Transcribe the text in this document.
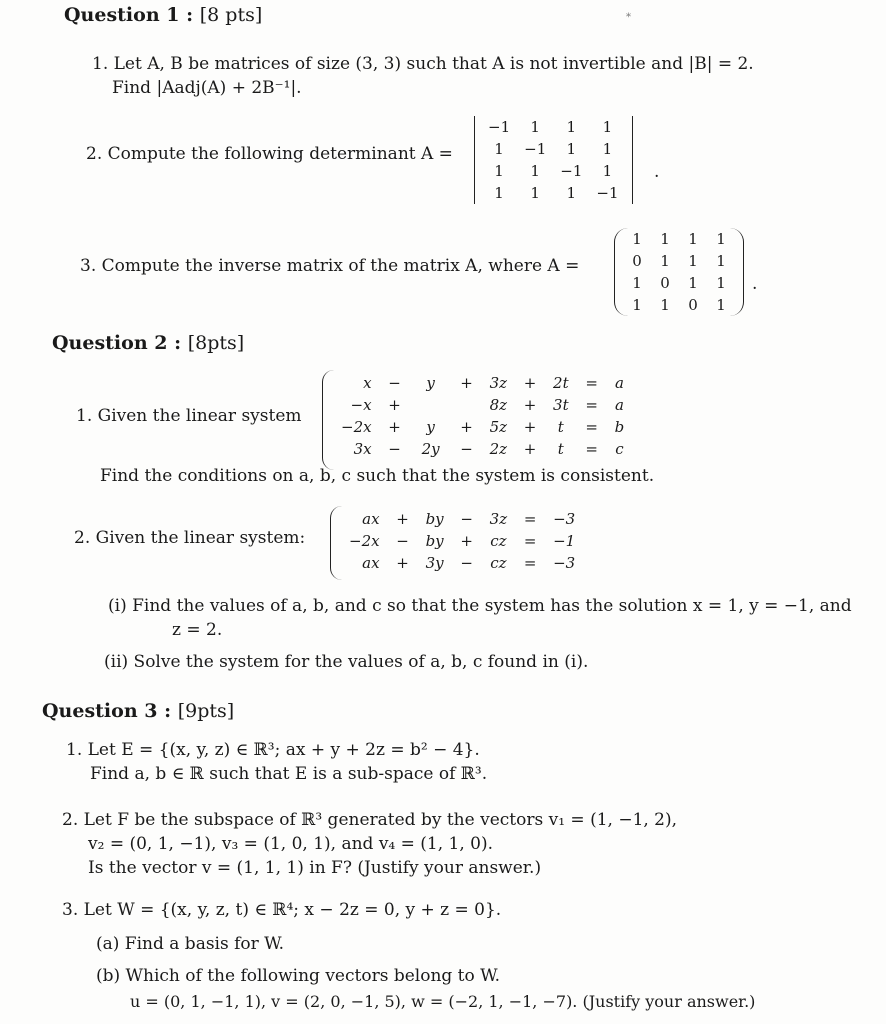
Question 1 : [8 pts]	*
1. Let A, B be matrices of size (3, 3) such that A is not invertible and |B| = 2.
Find |Aadj(A) + 2B⁻¹|.
2. Compute the following determinant A =
−1	1	1	1
1	−1	1	1
1	1	−1	1
1	1	1	−1
.
3. Compute the inverse matrix of the matrix A, where A =
1	1	1	1
0	1	1	1
1	0	1	1
1	1	0	1
.
Question 2 : [8pts]
1. Given the linear system
x	−	y	+	3z	+	2t	=	a
−x	+			8z	+	3t	=	a
−2x	+	y	+	5z	+	t	=	b
3x	−	2y	−	2z	+	t	=	c
Find the conditions on a, b, c such that the system is consistent.
2. Given the linear system:
ax	+	by	−	3z	=	−3
−2x	−	by	+	cz	=	−1
ax	+	3y	−	cz	=	−3
(i) Find the values of a, b, and c so that the system has the solution x = 1, y = −1, and
z = 2.
(ii) Solve the system for the values of a, b, c found in (i).
Question 3 : [9pts]
1. Let E = {(x, y, z) ∈ ℝ³; ax + y + 2z = b² − 4}.
Find a, b ∈ ℝ such that E is a sub-space of ℝ³.
2. Let F be the subspace of ℝ³ generated by the vectors v₁ = (1, −1, 2),
v₂ = (0, 1, −1), v₃ = (1, 0, 1), and v₄ = (1, 1, 0).
Is the vector v = (1, 1, 1) in F? (Justify your answer.)
3. Let W = {(x, y, z, t) ∈ ℝ⁴; x − 2z = 0, y + z = 0}.
(a) Find a basis for W.
(b) Which of the following vectors belong to W.
u = (0, 1, −1, 1), v = (2, 0, −1, 5), w = (−2, 1, −1, −7). (Justify your answer.)
